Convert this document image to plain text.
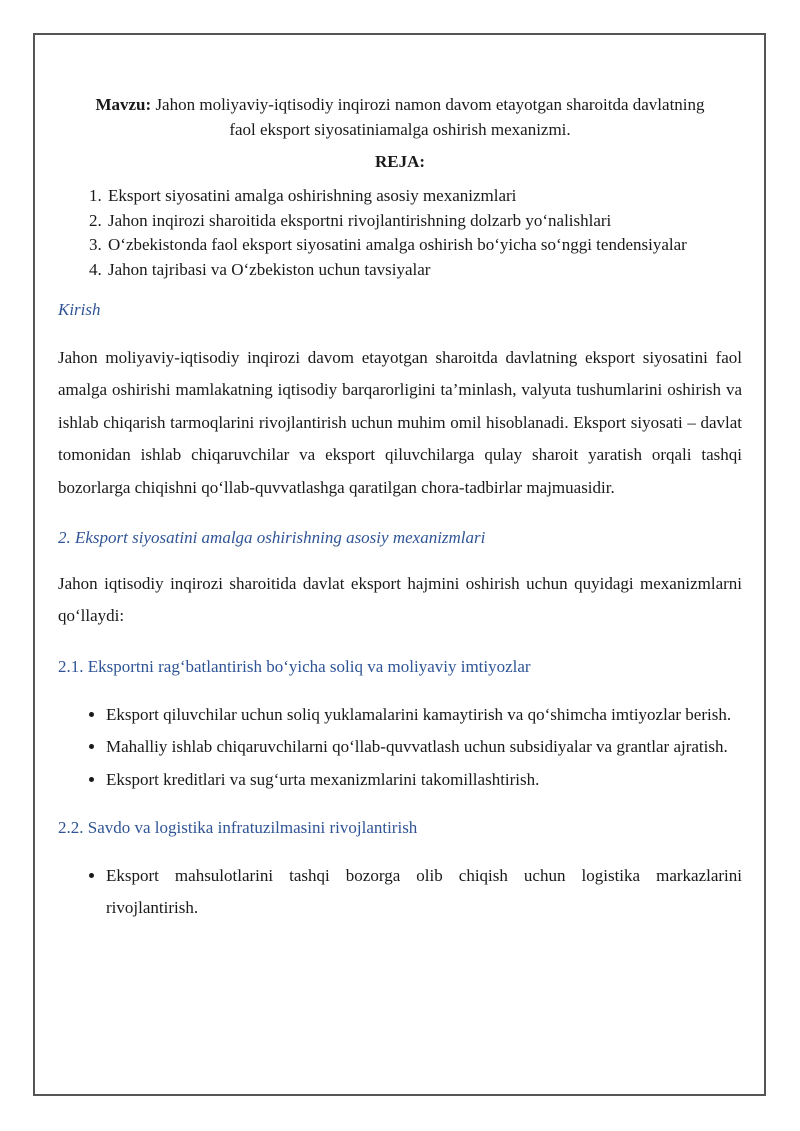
Mavzu: Jahon moliyaviy-iqtisodiy inqirozi namon davom etayotgan sharoitda davlatning faol eksport siyosatiniamalga oshirish mexanizmi.

REJA:
1. Eksport siyosatini amalga oshirishning asosiy mexanizmlari
2. Jahon inqirozi sharoitida eksportni rivojlantirishning dolzarb yo‘nalishlari
3. O‘zbekistonda faol eksport siyosatini amalga oshirish bo‘yicha so‘nggi tendensiyalar
4. Jahon tajribasi va O‘zbekiston uchun tavsiyalar
Kirish

Jahon moliyaviy-iqtisodiy inqirozi davom etayotgan sharoitda davlatning eksport siyosatini faol amalga oshirishi mamlakatning iqtisodiy barqarorligini ta’minlash, valyuta tushumlarini oshirish va ishlab chiqarish tarmoqlarini rivojlantirish uchun muhim omil hisoblanadi. Eksport siyosati – davlat tomonidan ishlab chiqaruvchilar va eksport qiluvchilarga qulay sharoit yaratish orqali tashqi bozorlarga chiqishni qo‘llab-quvvatlashga qaratilgan chora-tadbirlar majmuasidir.

2. Eksport siyosatini amalga oshirishning asosiy mexanizmlari

Jahon iqtisodiy inqirozi sharoitida davlat eksport hajmini oshirish uchun quyidagi mexanizmlarni qo‘llaydi:

2.1. Eksportni rag‘batlantirish bo‘yicha soliq va moliyaviy imtiyozlar
• Eksport qiluvchilar uchun soliq yuklamalarini kamaytirish va qo‘shimcha imtiyozlar berish.
• Mahalliy ishlab chiqaruvchilarni qo‘llab-quvvatlash uchun subsidiyalar va grantlar ajratish.
• Eksport kreditlari va sug‘urta mexanizmlarini takomillashtirish.
2.2. Savdo va logistika infratuzilmasini rivojlantirish
• Eksport mahsulotlarini tashqi bozorga olib chiqish uchun logistika markazlarini rivojlantirish.
